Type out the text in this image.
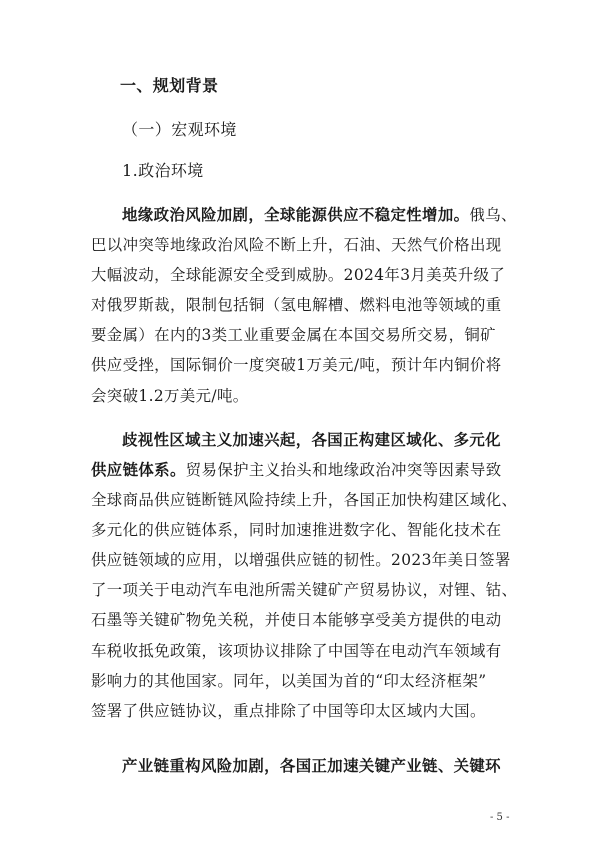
一、规划背景
（一）宏观环境
1.政治环境
地缘政治风险加剧，全球能源供应不稳定性增加。俄乌、
巴以冲突等地缘政治风险不断上升，石油、天然气价格出现
大幅波动，全球能源安全受到威胁。2024年3月美英升级了
对俄罗斯裁，限制包括铜（氢电解槽、燃料电池等领域的重
要金属）在内的3类工业重要金属在本国交易所交易，铜矿
供应受挫，国际铜价一度突破1万美元/吨，预计年内铜价将
会突破1.2万美元/吨。
歧视性区域主义加速兴起，各国正构建区域化、多元化
供应链体系。贸易保护主义抬头和地缘政治冲突等因素导致
全球商品供应链断链风险持续上升，各国正加快构建区域化、
多元化的供应链体系，同时加速推进数字化、智能化技术在
供应链领域的应用，以增强供应链的韧性。2023年美日签署
了一项关于电动汽车电池所需关键矿产贸易协议，对锂、钴、
石墨等关键矿物免关税，并使日本能够享受美方提供的电动
车税收抵免政策，该项协议排除了中国等在电动汽车领域有
影响力的其他国家。同年，以美国为首的“印太经济框架”
签署了供应链协议，重点排除了中国等印太区域内大国。
产业链重构风险加剧，各国正加速关键产业链、关键环
- 5 -
